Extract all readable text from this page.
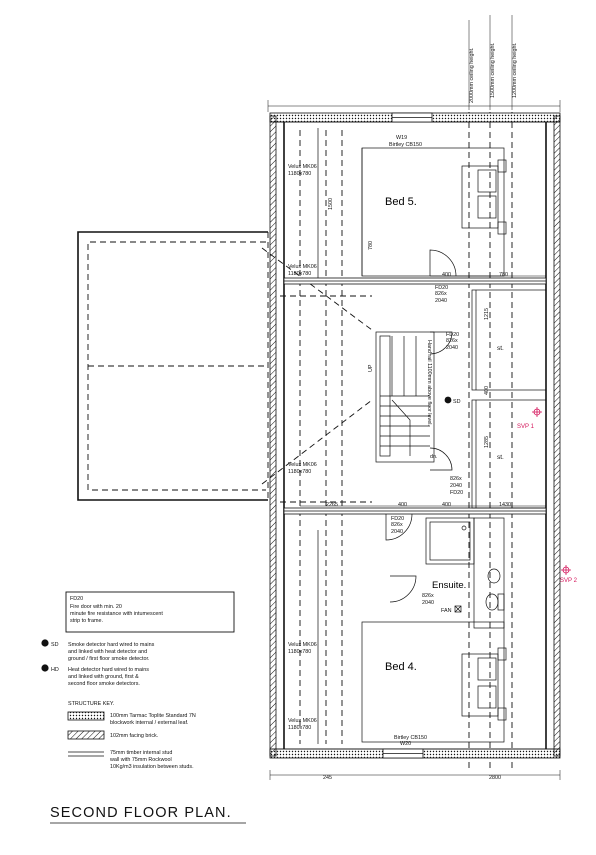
2000mm ceiling height.	1500mm ceiling height.	1200mm ceiling height.
Bed 5.
UP
dn.
Hand rail 1100mm above floor level.	SD
st.
st.
Ensuite.
FAN
Bed 4.
SVP 1
SVP 2
W19
Birtley CB150
Birtley CB150
W20
Velux MK06
1180x780
Velux MK06
1180x780
Velux MK06
1180x780
Velux MK06
1180x780
Velux MK06
1180x780
FD20
826x
2040
FD20
826x
2040
826x
2040
FD20
FD20
826x
2040
826x
2040
400	780
2265	400	400	1430
245	2800
1500
780
1215
400
1285
FD20
Fire door with min. 20 minute fire resistance with intumescent strip to frame.
SD Smoke detector hard wired to mains and linked with heat detector and ground / first floor smoke detector.
HD Heat detector hard wired to mains and linked with ground, first & second floor smoke detectors.
STRUCTURE KEY.
100mm Tarmac Toplite Standard 7N blockwork internal / external leaf.
102mm facing brick.
75mm timber internal stud wall with 75mm Rockwool 10Kg/m3 insulation between studs.
SECOND FLOOR PLAN.
